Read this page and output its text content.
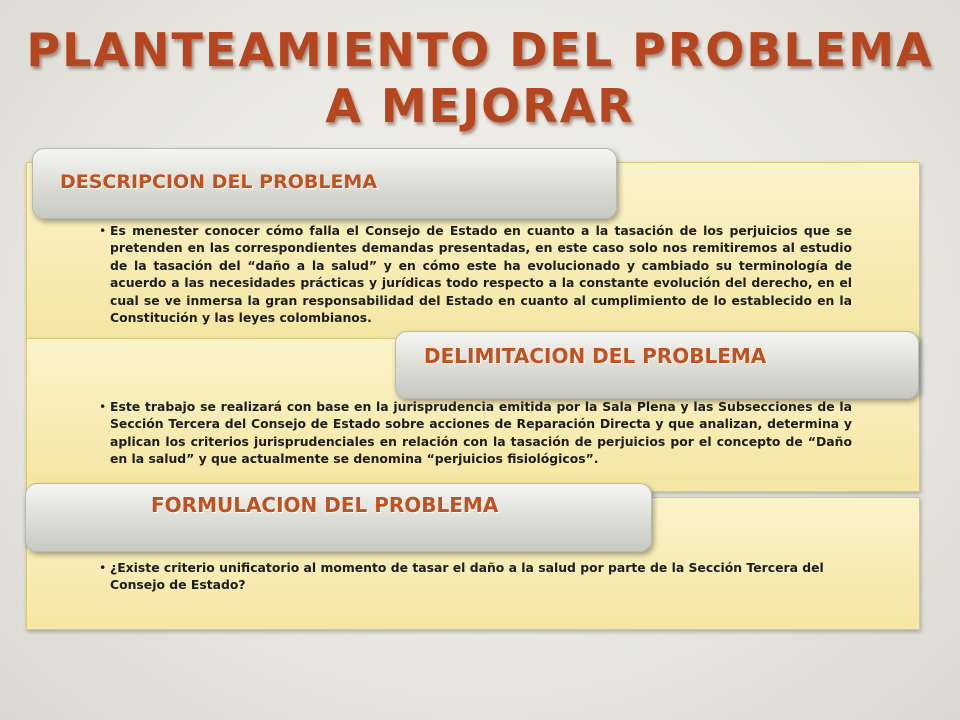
PLANTEAMIENTO DEL PROBLEMA A MEJORAR
DESCRIPCION DEL PROBLEMA

• Es menester conocer cómo falla el Consejo de Estado en cuanto a la tasación de los perjuicios que se pretenden en las correspondientes demandas presentadas, en este caso solo nos remitiremos al estudio de la tasación del “daño a la salud” y en cómo este ha evolucionado y cambiado su terminología de acuerdo a las necesidades prácticas y jurídicas todo respecto a la constante evolución del derecho, en el cual se ve inmersa la gran responsabilidad del Estado en cuanto al cumplimiento de lo establecido en la Constitución y las leyes colombianos.

DELIMITACION DEL PROBLEMA

• Este trabajo se realizará con base en la jurisprudencia emitida por la Sala Plena y las Subsecciones de la Sección Tercera del Consejo de Estado sobre acciones de Reparación Directa y que analizan, determina y aplican los criterios jurisprudenciales en relación con la tasación de perjuicios por el concepto de “Daño en la salud” y que actualmente se denomina “perjuicios fisiológicos”.

FORMULACION DEL PROBLEMA

• ¿Existe criterio unificatorio al momento de tasar el daño a la salud por parte de la Sección Tercera del Consejo de Estado?
